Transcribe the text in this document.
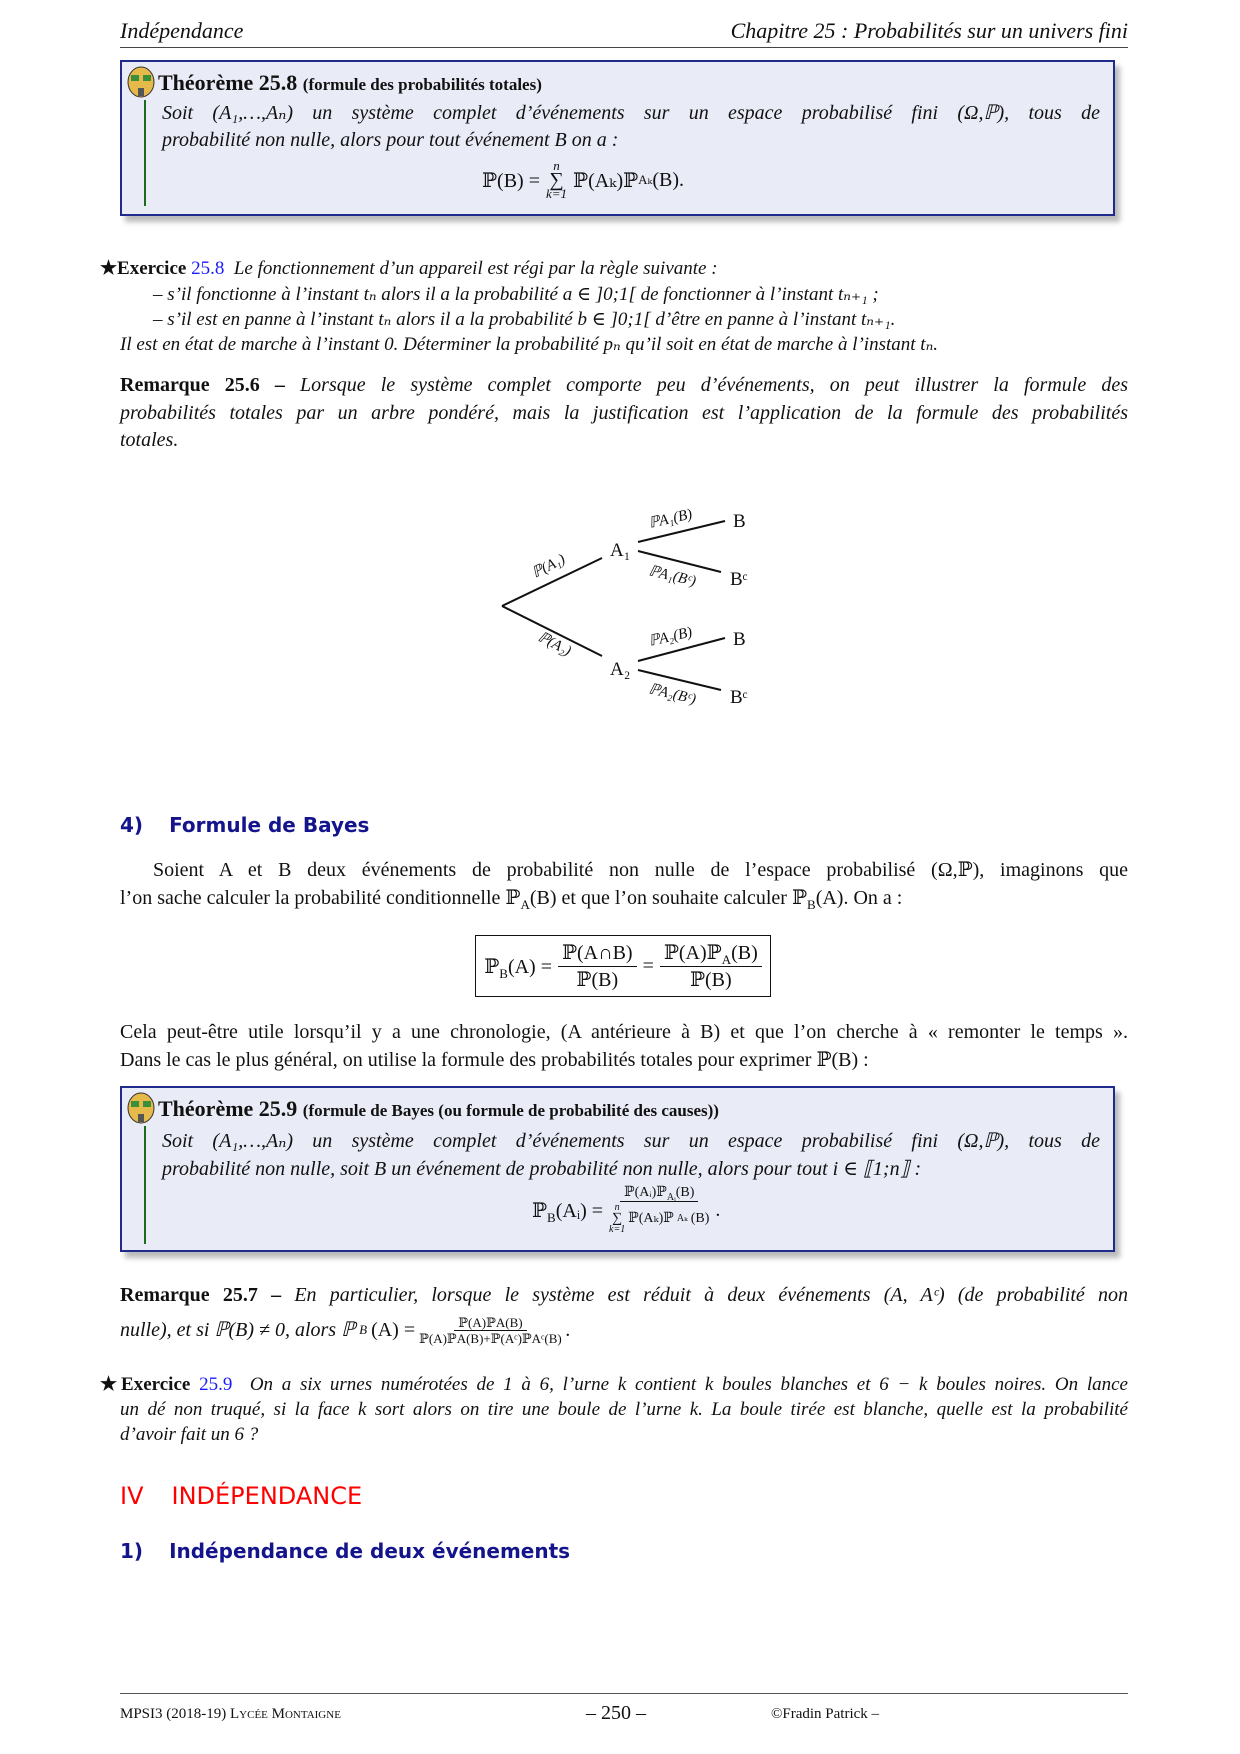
Indépendance	Chapitre 25 : Probabilités sur un univers fini
Théorème 25.8 (formule des probabilités totales)
Soit (A₁,…,Aₙ) un système complet d’événements sur un espace probabilisé fini (Ω,ℙ), tous de
probabilité non nulle, alors pour tout événement B on a :
ℙ(B) =
n
∑
k=1
ℙ(Aₖ)ℙ Aₖ (B).
★Exercice 25.8 Le fonctionnement d’un appareil est régi par la règle suivante :
– s’il fonctionne à l’instant tₙ alors il a la probabilité a ∈ ]0;1[ de fonctionner à l’instant tₙ₊₁ ;
– s’il est en panne à l’instant tₙ alors il a la probabilité b ∈ ]0;1[ d’être en panne à l’instant tₙ₊₁.
Il est en état de marche à l’instant 0. Déterminer la probabilité pₙ qu’il soit en état de marche à l’instant tₙ.
Remarque 25.6 – Lorsque le système complet comporte peu d’événements, on peut illustrer la formule des
probabilités totales par un arbre pondéré, mais la justification est l’application de la formule des probabilités
totales.
A₁
A₂
B
Bᶜ
B
Bᶜ
ℙ(A₁)
ℙ(A₂)
ℙA₁(B)
ℙA₁(Bᶜ)
ℙA₂(B)
ℙA₂(Bᶜ)
4) Formule de Bayes
Soient A et B deux événements de probabilité non nulle de l’espace probabilisé (Ω,ℙ), imaginons que
l’on sache calculer la probabilité conditionnelle ℙ$_A$(B) et que l’on souhaite calculer ℙ$_B$(A). On a :
ℙ$_B$(A) = $\frac{\text{ℙ(A∩B)}}{\text{ℙ(B)}} = \frac{ℙ(A)ℙ_A(B)}{\text{ℙ(B)}}$
Cela peut-être utile lorsqu’il y a une chronologie, (A antérieure à B) et que l’on cherche à « remonter le temps ».
Dans le cas le plus général, on utilise la formule des probabilités totales pour exprimer ℙ(B) :
Théorème 25.9 (formule de Bayes (ou formule de probabilité des causes))
Soit (A₁,…,Aₙ) un système complet d’événements sur un espace probabilisé fini (Ω,ℙ), tous de
probabilité non nulle, soit B un événement de probabilité non nulle, alors pour tout i ∈ ⟦1;n⟧ :
ℙ$_B$(Aᵢ) = ℙ(Aᵢ)ℙ$_{Aᵢ}$(B)
n
∑
k=1
ℙ(Aₖ)ℙ Aₖ (B) .
Remarque 25.7 – En particulier, lorsque le système est réduit à deux événements (A, Aᶜ) (de probabilité non
nulle), et si ℙ(B) ≠ 0, alors ℙ B $(A) = \frac{\text{ℙ(A)ℙA(B)}}{\text{ℙ(A)ℙA(B)+ℙ(Aᶜ)ℙAᶜ(B)}}$ .
★Exercice 25.9 On a six urnes numérotées de 1 à 6, l’urne k contient k boules blanches et 6 − k boules noires. On lance
un dé non truqué, si la face k sort alors on tire une boule de l’urne k. La boule tirée est blanche, quelle est la probabilité
d’avoir fait un 6 ?
IV INDÉPENDANCE
1) Indépendance de deux événements
MPSI3 (2018-19) Lycée Montaigne	– 250 –	©Fradin Patrick –
